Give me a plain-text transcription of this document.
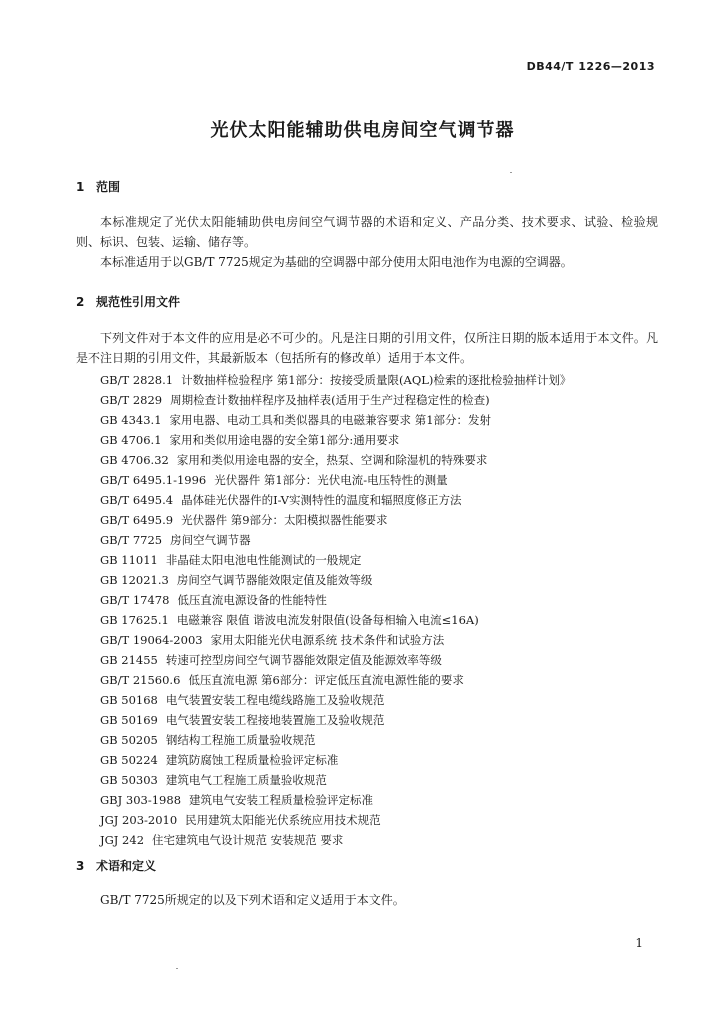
DB44/T 1226—2013
光伏太阳能辅助供电房间空气调节器
1 范围
本标准规定了光伏太阳能辅助供电房间空气调节器的术语和定义、产品分类、技术要求、试验、检验规则、标识、包装、运输、储存等。
本标准适用于以GB/T 7725规定为基础的空调器中部分使用太阳电池作为电源的空调器。
2 规范性引用文件
下列文件对于本文件的应用是必不可少的。凡是注日期的引用文件，仅所注日期的版本适用于本文件。凡是不注日期的引用文件，其最新版本（包括所有的修改单）适用于本文件。
GB/T 2828.1 计数抽样检验程序 第1部分：按接受质量限(AQL)检索的逐批检验抽样计划》
GB/T 2829 周期检查计数抽样程序及抽样表(适用于生产过程稳定性的检查)
GB 4343.1 家用电器、电动工具和类似器具的电磁兼容要求 第1部分：发射
GB 4706.1 家用和类似用途电器的安全第1部分:通用要求
GB 4706.32 家用和类似用途电器的安全，热泵、空调和除湿机的特殊要求
GB/T 6495.1-1996 光伏器件 第1部分：光伏电流-电压特性的测量
GB/T 6495.4 晶体硅光伏器件的I-V实测特性的温度和辐照度修正方法
GB/T 6495.9 光伏器件 第9部分：太阳模拟器性能要求
GB/T 7725 房间空气调节器
GB 11011 非晶硅太阳电池电性能测试的一般规定
GB 12021.3 房间空气调节器能效限定值及能效等级
GB/T 17478 低压直流电源设备的性能特性
GB 17625.1 电磁兼容 限值 谐波电流发射限值(设备每相输入电流≤16A)
GB/T 19064-2003 家用太阳能光伏电源系统 技术条件和试验方法
GB 21455 转速可控型房间空气调节器能效限定值及能源效率等级
GB/T 21560.6 低压直流电源 第6部分：评定低压直流电源性能的要求
GB 50168 电气装置安装工程电缆线路施工及验收规范
GB 50169 电气装置安装工程接地装置施工及验收规范
GB 50205 钢结构工程施工质量验收规范
GB 50224 建筑防腐蚀工程质量检验评定标准
GB 50303 建筑电气工程施工质量验收规范
GBJ 303-1988 建筑电气安装工程质量检验评定标准
JGJ 203-2010 民用建筑太阳能光伏系统应用技术规范
JGJ 242 住宅建筑电气设计规范 安装规范 要求
3 术语和定义
GB/T 7725所规定的以及下列术语和定义适用于本文件。
1
